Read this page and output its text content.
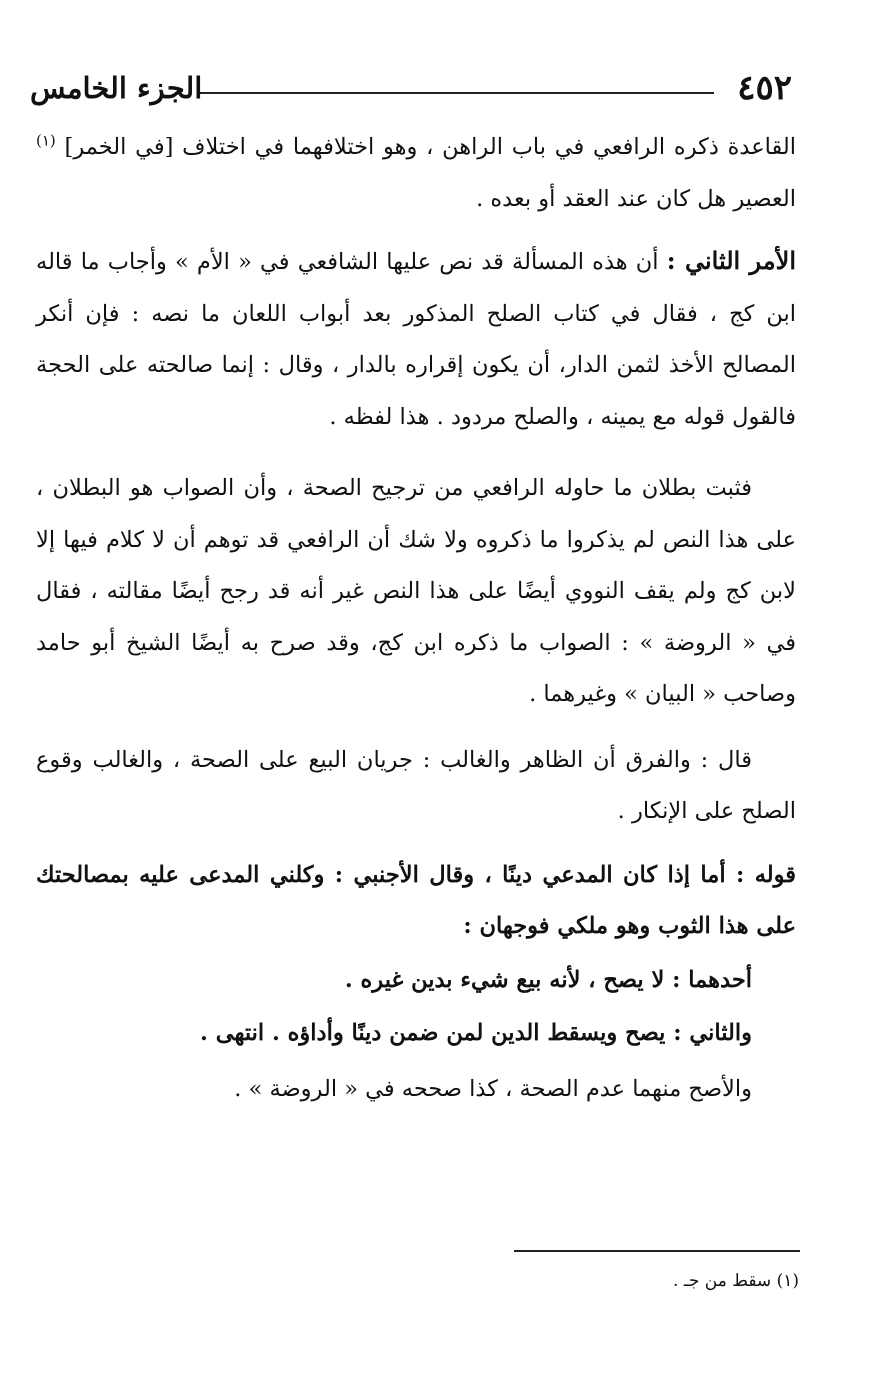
٤٥٢
الجزء الخامس

القاعدة ذكره الرافعي في باب الراهن ، وهو اختلافهما في اختلاف [في الخمر] $^{(١)}$ العصير هل كان عند العقد أو بعده .

الأمر الثاني : أن هذه المسألة قد نص عليها الشافعي في « الأم » وأجاب ما قاله ابن كج ، فقال في كتاب الصلح المذكور بعد أبواب اللعان ما نصه : فإن أنكر المصالح الأخذ لثمن الدار، أن يكون إقراره بالدار ، وقال : إنما صالحته على الحجة فالقول قوله مع يمينه ، والصلح مردود . هذا لفظه .

فثبت بطلان ما حاوله الرافعي من ترجيح الصحة ، وأن الصواب هو البطلان ، على هذا النص لم يذكروا ما ذكروه ولا شك أن الرافعي قد توهم أن لا كلام فيها إلا لابن كج ولم يقف النووي أيضًا على هذا النص غير أنه قد رجح أيضًا مقالته ، فقال في « الروضة » : الصواب ما ذكره ابن كج، وقد صرح به أيضًا الشيخ أبو حامد وصاحب « البيان » وغيرهما .

قال : والفرق أن الظاهر والغالب : جريان البيع على الصحة ، والغالب وقوع الصلح على الإنكار .

قوله : أما إذا كان المدعي دينًا ، وقال الأجنبي : وكلني المدعى عليه بمصالحتك على هذا الثوب وهو ملكي فوجهان :

أحدهما : لا يصح ، لأنه بيع شيء بدين غيره .

والثاني : يصح ويسقط الدين لمن ضمن دينًا وأداؤه . انتهى .

والأصح منهما عدم الصحة ، كذا صححه في « الروضة » .

(١) سقط من جـ .
